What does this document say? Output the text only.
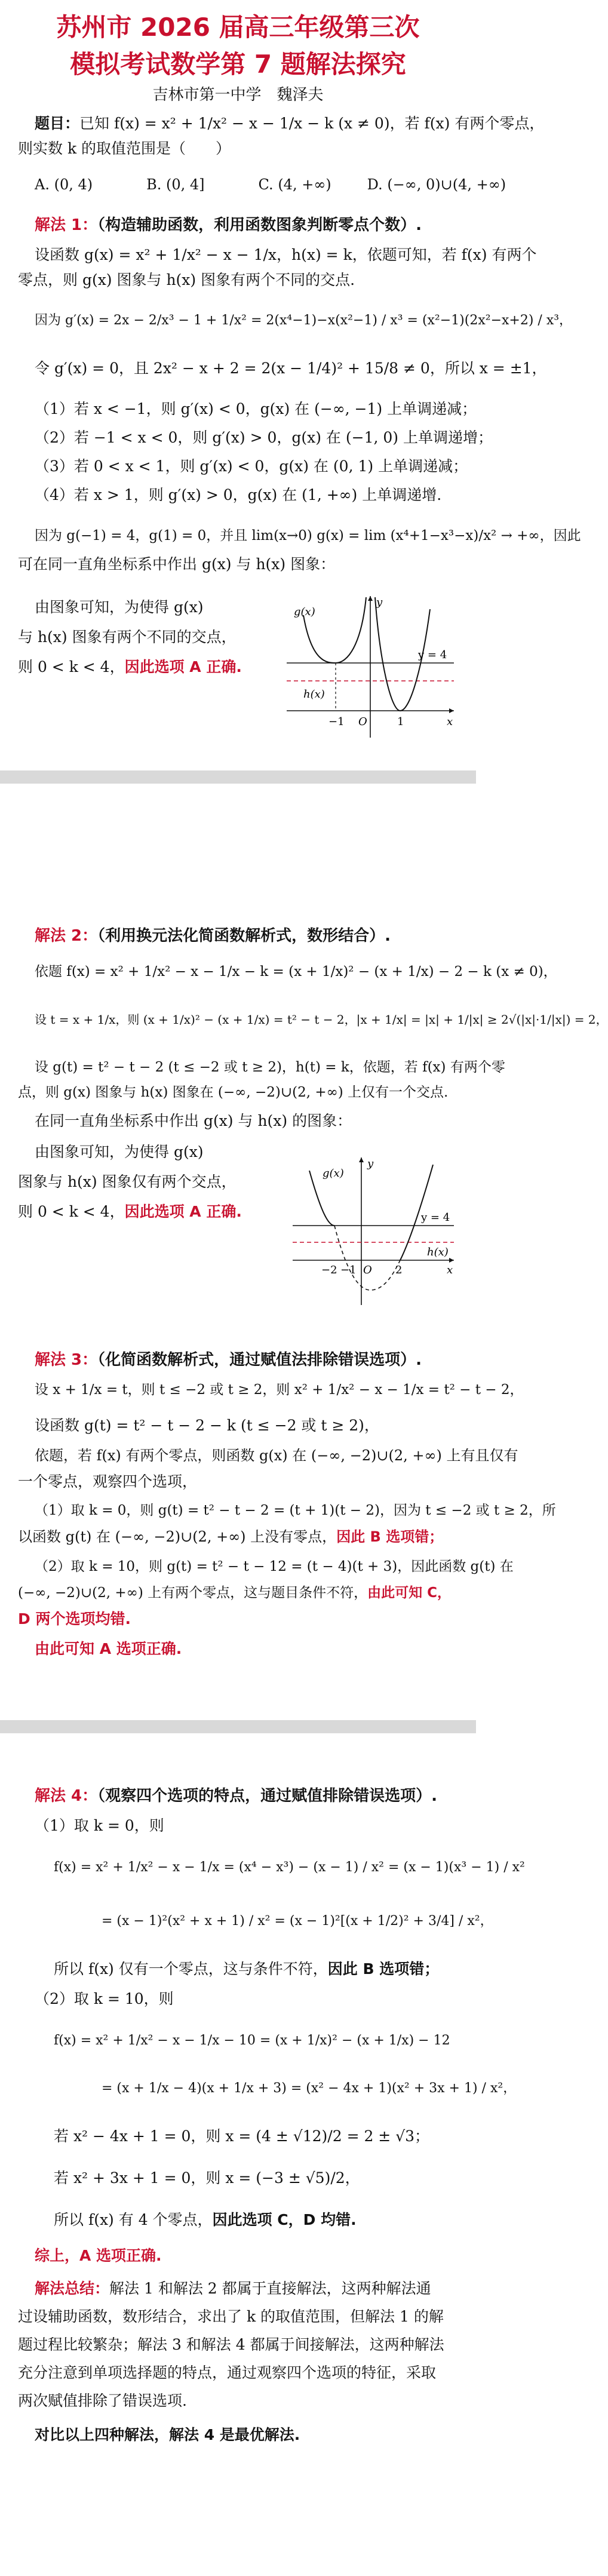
苏州市 2026 届高三年级第三次
模拟考试数学第 7 题解法探究
吉林市第一中学　魏泽夫
题目：已知 f(x) = x² + 1/x² − x − 1/x − k (x ≠ 0)，若 f(x) 有两个零点，
则实数 k 的取值范围是（　　）
A. (0, 4)	B. (0, 4]	C. (4, +∞)	D. (−∞, 0)∪(4, +∞)
解法 1：（构造辅助函数，利用函数图象判断零点个数）.
设函数 g(x) = x² + 1/x² − x − 1/x，h(x) = k，依题可知，若 f(x) 有两个
零点，则 g(x) 图象与 h(x) 图象有两个不同的交点.
因为 g′(x) = 2x − 2/x³ − 1 + 1/x² = 2(x⁴−1)−x(x²−1) / x³ = (x²−1)(2x²−x+2) / x³，
令 g′(x) = 0，且 2x² − x + 2 = 2(x − 1/4)² + 15/8 ≠ 0，所以 x = ±1，
（1）若 x < −1，则 g′(x) < 0，g(x) 在 (−∞, −1) 上单调递减；
（2）若 −1 < x < 0，则 g′(x) > 0，g(x) 在 (−1, 0) 上单调递增；
（3）若 0 < x < 1，则 g′(x) < 0，g(x) 在 (0, 1) 上单调递减；
（4）若 x > 1，则 g′(x) > 0，g(x) 在 (1, +∞) 上单调递增.
因为 g(−1) = 4，g(1) = 0，并且 lim(x→0) g(x) = lim (x⁴+1−x³−x)/x² → +∞，因此
可在同一直角坐标系中作出 g(x) 与 h(x) 图象：
由图象可知，为使得 g(x)
与 h(x) 图象有两个不同的交点，
则 0 < k < 4，因此选项 A 正确.
g(x)
y
y = 4
h(x)
−1 O	1	x
解法 2：（利用换元法化简函数解析式，数形结合）.
依题 f(x) = x² + 1/x² − x − 1/x − k = (x + 1/x)² − (x + 1/x) − 2 − k (x ≠ 0)，
设 t = x + 1/x，则 (x + 1/x)² − (x + 1/x) = t² − t − 2，|x + 1/x| = |x| + 1/|x| ≥ 2√(|x|·1/|x|) = 2，
设 g(t) = t² − t − 2 (t ≤ −2 或 t ≥ 2)，h(t) = k，依题，若 f(x) 有两个零
点，则 g(x) 图象与 h(x) 图象在 (−∞, −2)∪(2, +∞) 上仅有一个交点.
在同一直角坐标系中作出 g(x) 与 h(x) 的图象：
由图象可知，为使得 g(x)
图象与 h(x) 图象仅有两个交点，
则 0 < k < 4，因此选项 A 正确.
g(x)
y
y = 4
h(x)
−2 −1 O 2	x
解法 3：（化简函数解析式，通过赋值法排除错误选项）.
设 x + 1/x = t，则 t ≤ −2 或 t ≥ 2，则 x² + 1/x² − x − 1/x = t² − t − 2，
设函数 g(t) = t² − t − 2 − k (t ≤ −2 或 t ≥ 2)，
依题，若 f(x) 有两个零点，则函数 g(x) 在 (−∞, −2)∪(2, +∞) 上有且仅有
一个零点，观察四个选项，
（1）取 k = 0，则 g(t) = t² − t − 2 = (t + 1)(t − 2)，因为 t ≤ −2 或 t ≥ 2，所
以函数 g(t) 在 (−∞, −2)∪(2, +∞) 上没有零点，因此 B 选项错；
（2）取 k = 10，则 g(t) = t² − t − 12 = (t − 4)(t + 3)，因此函数 g(t) 在
(−∞, −2)∪(2, +∞) 上有两个零点，这与题目条件不符，由此可知 C，
D 两个选项均错.
由此可知 A 选项正确.
解法 4：（观察四个选项的特点，通过赋值排除错误选项）.
（1）取 k = 0，则
f(x) = x² + 1/x² − x − 1/x = (x⁴ − x³) − (x − 1) / x² = (x − 1)(x³ − 1) / x²
= (x − 1)²(x² + x + 1) / x² = (x − 1)²[(x + 1/2)² + 3/4] / x²，
所以 f(x) 仅有一个零点，这与条件不符，因此 B 选项错；
（2）取 k = 10，则
f(x) = x² + 1/x² − x − 1/x − 10 = (x + 1/x)² − (x + 1/x) − 12
= (x + 1/x − 4)(x + 1/x + 3) = (x² − 4x + 1)(x² + 3x + 1) / x²，
若 x² − 4x + 1 = 0，则 x = (4 ± √12)/2 = 2 ± √3；
若 x² + 3x + 1 = 0，则 x = (−3 ± √5)/2，
所以 f(x) 有 4 个零点，因此选项 C，D 均错.
综上，A 选项正确.
解法总结：解法 1 和解法 2 都属于直接解法，这两种解法通
过设辅助函数，数形结合，求出了 k 的取值范围，但解法 1 的解
题过程比较繁杂；解法 3 和解法 4 都属于间接解法，这两种解法
充分注意到单项选择题的特点，通过观察四个选项的特征，采取
两次赋值排除了错误选项.
对比以上四种解法，解法 4 是最优解法.
